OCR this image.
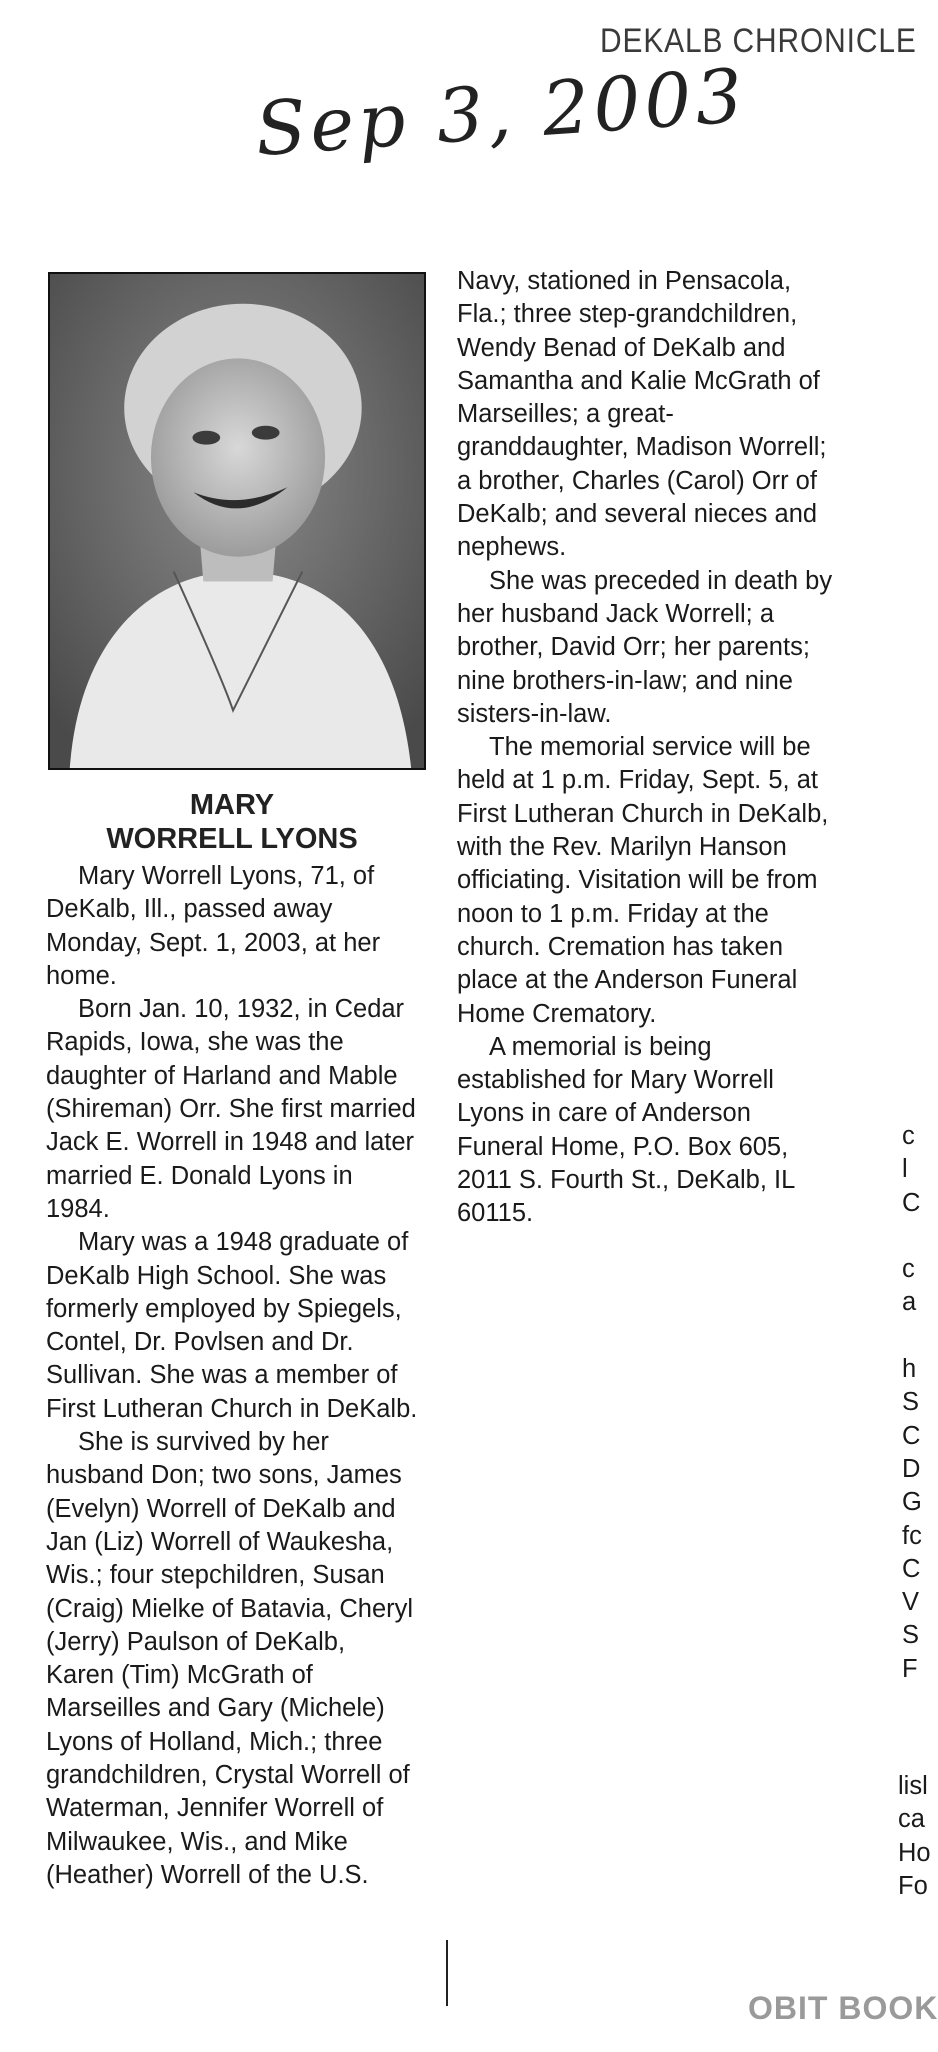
DEKALB CHRONICLE
Sep 3, 2003
MARY
WORRELL LYONS

Mary Worrell Lyons, 71, of DeKalb, Ill., passed away Monday, Sept. 1, 2003, at her home.

Born Jan. 10, 1932, in Cedar Rapids, Iowa, she was the daughter of Harland and Mable (Shireman) Orr. She first married Jack E. Worrell in 1948 and later married E. Donald Lyons in 1984.

Mary was a 1948 graduate of DeKalb High School. She was formerly employed by Spiegels, Contel, Dr. Povlsen and Dr. Sullivan. She was a member of First Lutheran Church in DeKalb.

She is survived by her husband Don; two sons, James (Evelyn) Worrell of DeKalb and Jan (Liz) Worrell of Waukesha, Wis.; four stepchildren, Susan (Craig) Mielke of Batavia, Cheryl (Jerry) Paulson of DeKalb, Karen (Tim) McGrath of Marseilles and Gary (Michele) Lyons of Holland, Mich.; three grandchildren, Crystal Worrell of Waterman, Jennifer Worrell of Milwaukee, Wis., and Mike (Heather) Worrell of the U.S.

Navy, stationed in Pensacola, Fla.; three step-grandchildren, Wendy Benad of DeKalb and Samantha and Kalie McGrath of Marseilles; a great-granddaughter, Madison Worrell; a brother, Charles (Carol) Orr of DeKalb; and several nieces and nephews.

She was preceded in death by her husband Jack Worrell; a brother, David Orr; her parents; nine brothers-in-law; and nine sisters-in-law.

The memorial service will be held at 1 p.m. Friday, Sept. 5, at First Lutheran Church in DeKalb, with the Rev. Marilyn Hanson officiating. Visitation will be from noon to 1 p.m. Friday at the church. Cremation has taken place at the Anderson Funeral Home Crematory.

A memorial is being established for Mary Worrell Lyons in care of Anderson Funeral Home, P.O. Box 605, 2011 S. Fourth St., DeKalb, IL 60115.

c
l
C

c
a

h
S
C
D
G
fc
C
V
S
F
lisl
ca
Ho
Fo
OBIT BOOK
